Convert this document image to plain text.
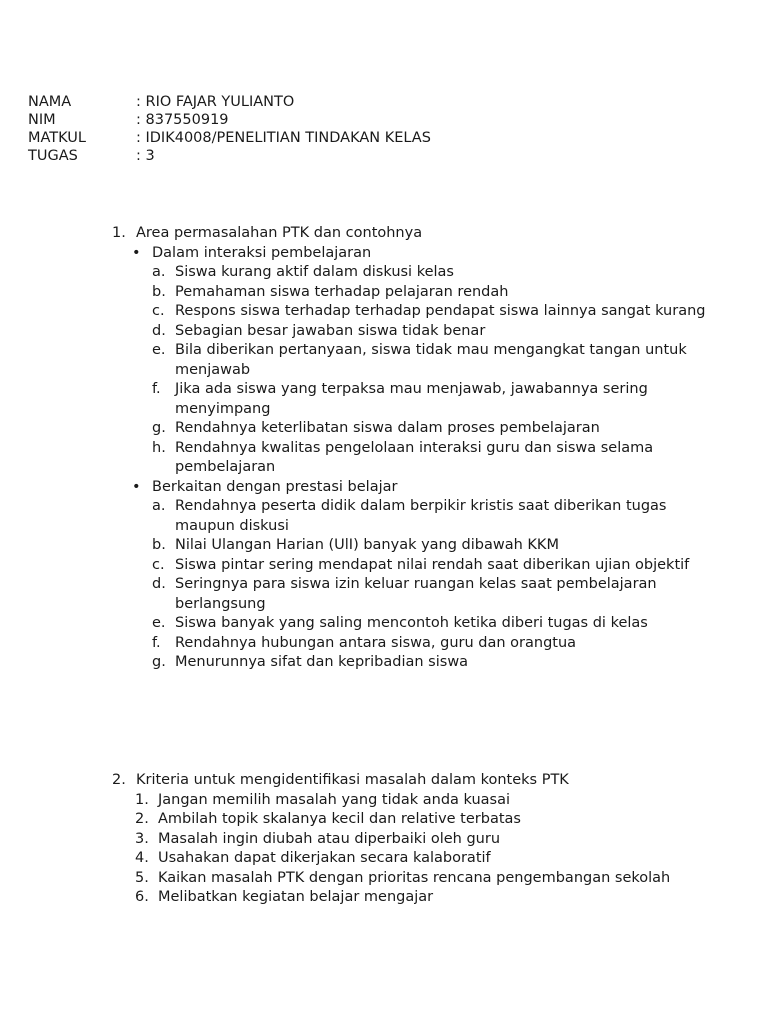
NAMA	: RIO FAJAR YULIANTO
NIM	: 837550919
MATKUL	: IDIK4008/PENELITIAN TINDAKAN KELAS
TUGAS	: 3
1. Area permasalahan PTK dan contohnya
• Dalam interaksi pembelajaran
a. Siswa kurang aktif dalam diskusi kelas
b. Pemahaman siswa terhadap pelajaran rendah
c. Respons siswa terhadap terhadap pendapat siswa lainnya sangat kurang
d. Sebagian besar jawaban siswa tidak benar
e. Bila diberikan pertanyaan, siswa tidak mau mengangkat tangan untuk menjawab
f. Jika ada siswa yang terpaksa mau menjawab, jawabannya sering menyimpang
g. Rendahnya keterlibatan siswa dalam proses pembelajaran
h. Rendahnya kwalitas pengelolaan interaksi guru dan siswa selama pembelajaran
• Berkaitan dengan prestasi belajar
a. Rendahnya peserta didik dalam berpikir kristis saat diberikan tugas maupun diskusi
b. Nilai Ulangan Harian (UlI) banyak yang dibawah KKM
c. Siswa pintar sering mendapat nilai rendah saat diberikan ujian objektif
d. Seringnya para siswa izin keluar ruangan kelas saat pembelajaran berlangsung
e. Siswa banyak yang saling mencontoh ketika diberi tugas di kelas
f. Rendahnya hubungan antara siswa, guru dan orangtua
g. Menurunnya sifat dan kepribadian siswa
2. Kriteria untuk mengidentifikasi masalah dalam konteks PTK
1. Jangan memilih masalah yang tidak anda kuasai
2. Ambilah topik skalanya kecil dan relative terbatas
3. Masalah ingin diubah atau diperbaiki oleh guru
4. Usahakan dapat dikerjakan secara kalaboratif
5. Kaikan masalah PTK dengan prioritas rencana pengembangan sekolah
6. Melibatkan kegiatan belajar mengajar
